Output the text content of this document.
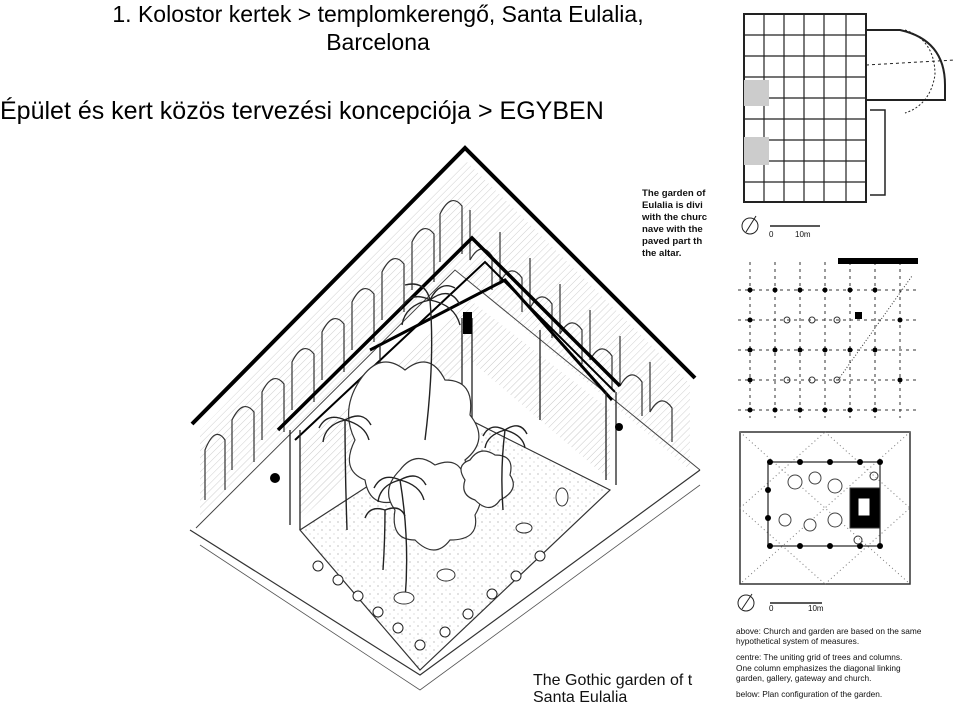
1. Kolostor kertek > templomkerengő, Santa Eulalia,
Barcelona
Épület és kert közös tervezési koncepciója > EGYBEN
The garden of
Eulalia is divi
with the churc
nave with the
paved part th
the altar.
0	10m
0	10m
above: Church and garden are based on the same
hypothetical system of measures.
centre: The uniting grid of trees and columns.
One column emphasizes the diagonal linking
garden, gallery, gateway and church.
below: Plan configuration of the garden.
The Gothic garden of t
Santa Eulalia
